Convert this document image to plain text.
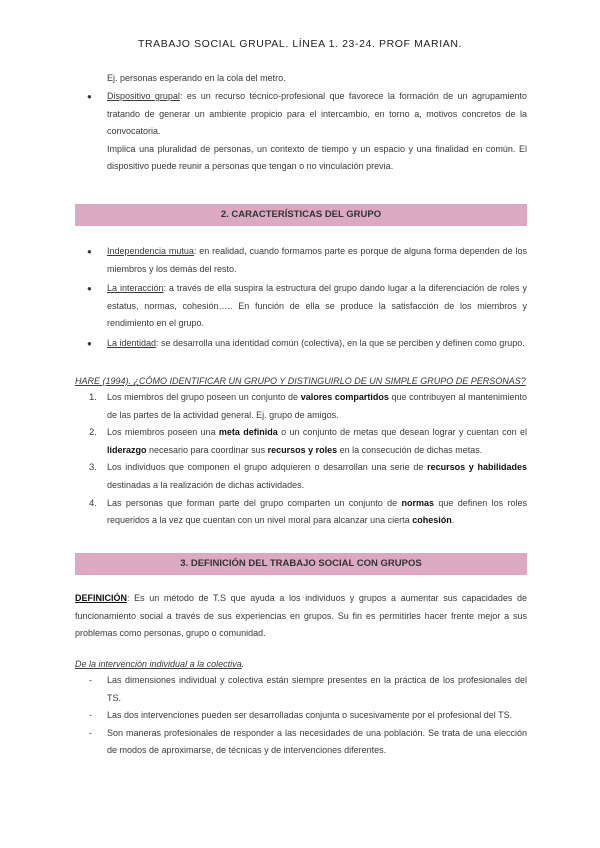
TRABAJO SOCIAL GRUPAL. LÍNEA 1. 23-24. PROF MARIAN.
Ej. personas esperando en la cola del metro.
● Dispositivo grupal: es un recurso técnico-profesional que favorece la formación de un agrupamiento tratando de generar un ambiente propicio para el intercambio, en torno a, motivos concretos de la convocatoria.
Implica una pluralidad de personas, un contexto de tiempo y un espacio y una finalidad en común. El dispositivo puede reunir a personas que tengan o no vinculación previa.
2. CARACTERÍSTICAS DEL GRUPO
● Independencia mutua: en realidad, cuando formamos parte es porque de alguna forma dependen de los miembros y los demás del resto.
● La interacción: a través de ella suspira la estructura del grupo dando lugar a la diferenciación de roles y estatus, normas, cohesión….. En función de ella se produce la satisfacción de los miembros y rendimiento en el grupo.
● La identidad: se desarrolla una identidad común (colectiva), en la que se perciben y definen como grupo.
HARE (1994). ¿CÓMO IDENTIFICAR UN GRUPO Y DISTINGUIRLO DE UN SIMPLE GRUPO DE PERSONAS?
1. Los miembros del grupo poseen un conjunto de valores compartidos que contribuyen al mantenimiento de las partes de la actividad general. Ej. grupo de amigos.
2. Los miembros poseen una meta definida o un conjunto de metas que desean lograr y cuentan con el liderazgo necesario para coordinar sus recursos y roles en la consecución de dichas metas.
3. Los individuos que componen el grupo adquieren o desarrollan una serie de recursos y habilidades destinadas a la realización de dichas actividades.
4. Las personas que forman parte del grupo comparten un conjunto de normas que definen los roles requeridos a la vez que cuentan con un nivel moral para alcanzar una cierta cohesión.
3. DEFINICIÓN DEL TRABAJO SOCIAL CON GRUPOS
DEFINICIÓN: Es un método de T.S que ayuda a los individuos y grupos a aumentar sus capacidades de funcionamiento social a través de sus experiencias en grupos. Su fin es permitirles hacer frente mejor a sus problemas como personas, grupo o comunidad.
De la intervención individual a la colectiva.
- Las dimensiones individual y colectiva están siempre presentes en la práctica de los profesionales del TS.
- Las dos intervenciones pueden ser desarrolladas conjunta o sucesivamente por el profesional del TS.
- Son maneras profesionales de responder a las necesidades de una población. Se trata de una elección de modos de aproximarse, de técnicas y de intervenciones diferentes.
